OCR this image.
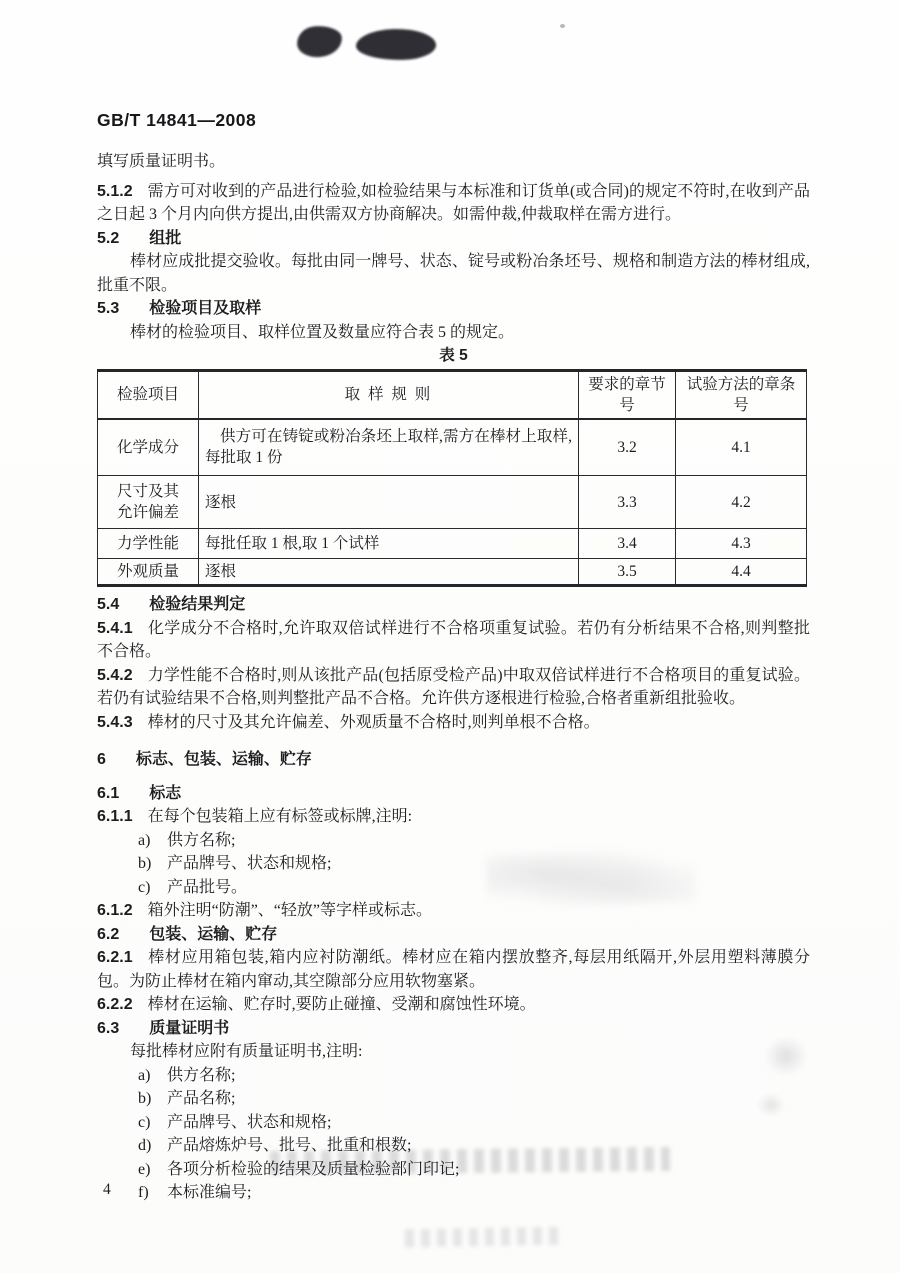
GB/T 14841—2008

填写质量证明书。

5.1.2 需方可对收到的产品进行检验,如检验结果与本标准和订货单(或合同)的规定不符时,在收到产品之日起 3 个月内向供方提出,由供需双方协商解决。如需仲裁,仲裁取样在需方进行。

5.2 组批

棒材应成批提交验收。每批由同一牌号、状态、锭号或粉冶条坯号、规格和制造方法的棒材组成,批重不限。

5.3 检验项目及取样

棒材的检验项目、取样位置及数量应符合表 5 的规定。

表 5

检验项目	取 样 规 则	要求的章节号	试验方法的章条号
化学成分	供方可在铸锭或粉冶条坯上取样,需方在棒材上取样,每批取 1 份	3.2	4.1

尺寸及其允许偏差	逐根	3.3	4.2
力学性能	每批任取 1 根,取 1 个试样	3.4	4.3
外观质量	逐根	3.5	4.4

5.4 检验结果判定

5.4.1 化学成分不合格时,允许取双倍试样进行不合格项重复试验。若仍有分析结果不合格,则判整批不合格。

5.4.2 力学性能不合格时,则从该批产品(包括原受检产品)中取双倍试样进行不合格项目的重复试验。若仍有试验结果不合格,则判整批产品不合格。允许供方逐根进行检验,合格者重新组批验收。

5.4.3 棒材的尺寸及其允许偏差、外观质量不合格时,则判单根不合格。

6 标志、包装、运输、贮存

6.1 标志

6.1.1 在每个包装箱上应有标签或标牌,注明:

a) 供方名称;

b) 产品牌号、状态和规格;

c) 产品批号。

6.1.2 箱外注明“防潮”、“轻放”等字样或标志。

6.2 包装、运输、贮存

6.2.1 棒材应用箱包装,箱内应衬防潮纸。棒材应在箱内摆放整齐,每层用纸隔开,外层用塑料薄膜分包。为防止棒材在箱内窜动,其空隙部分应用软物塞紧。

6.2.2 棒材在运输、贮存时,要防止碰撞、受潮和腐蚀性环境。

6.3 质量证明书

每批棒材应附有质量证明书,注明:

a) 供方名称;

b) 产品名称;

c) 产品牌号、状态和规格;

d) 产品熔炼炉号、批号、批重和根数;

e) 各项分析检验的结果及质量检验部门印记;

f) 本标准编号;

4
